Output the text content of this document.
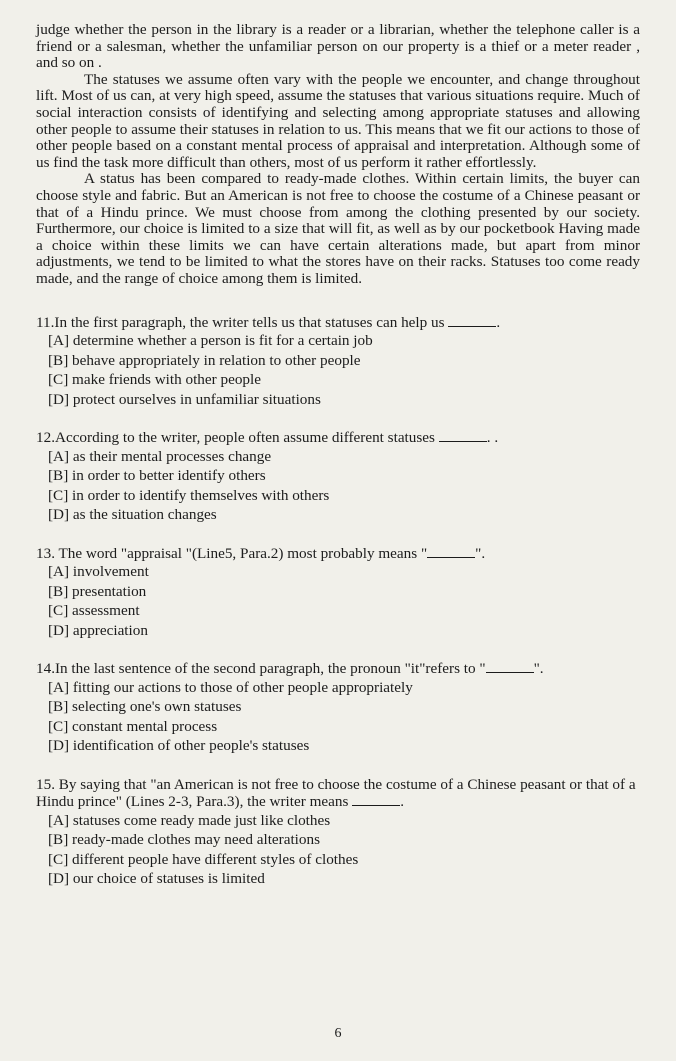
judge whether the person in the library is a reader or a librarian, whether the telephone caller is a friend or a salesman, whether the unfamiliar person on our property is a thief or a meter reader , and so on .

The statuses we assume often vary with the people we encounter, and change throughout lift. Most of us can, at very high speed, assume the statuses that various situations require. Much of social interaction consists of identifying and selecting among appropriate statuses and allowing other people to assume their statuses in relation to us. This means that we fit our actions to those of other people based on a constant mental process of appraisal and interpretation. Although some of us find the task more difficult than others, most of us perform it rather effortlessly.

A status has been compared to ready-made clothes. Within certain limits, the buyer can choose style and fabric. But an American is not free to choose the costume of a Chinese peasant or that of a Hindu prince. We must choose from among the clothing presented by our society. Furthermore, our choice is limited to a size that will fit, as well as by our pocketbook Having made a choice within these limits we can have certain alterations made, but apart from minor adjustments, we tend to be limited to what the stores have on their racks. Statuses too come ready made, and the range of choice among them is limited.

11.In the first paragraph, the writer tells us that statuses can help us	.

[A] determine whether a person is fit for a certain job
[B] behave appropriately in relation to other people
[C] make friends with other people
[D] protect ourselves in unfamiliar situations

12.According to the writer, people often assume different statuses	. .

[A] as their mental processes change
[B] in order to better identify others
[C] in order to identify themselves with others
[D] as the situation changes

13. The word "appraisal "(Line5, Para.2) most probably means "	".

[A] involvement
[B] presentation
[C] assessment
[D] appreciation

14.In the last sentence of the second paragraph, the pronoun "it"refers to "	".

[A] fitting our actions to those of other people appropriately
[B] selecting one's own statuses
[C] constant mental process
[D] identification of other people's statuses

15. By saying that "an American is not free to choose the costume of a Chinese peasant or that of a Hindu prince" (Lines 2-3, Para.3), the writer means	.

[A] statuses come ready made just like clothes
[B] ready-made clothes may need alterations
[C] different people have different styles of clothes
[D] our choice of statuses is limited
6
